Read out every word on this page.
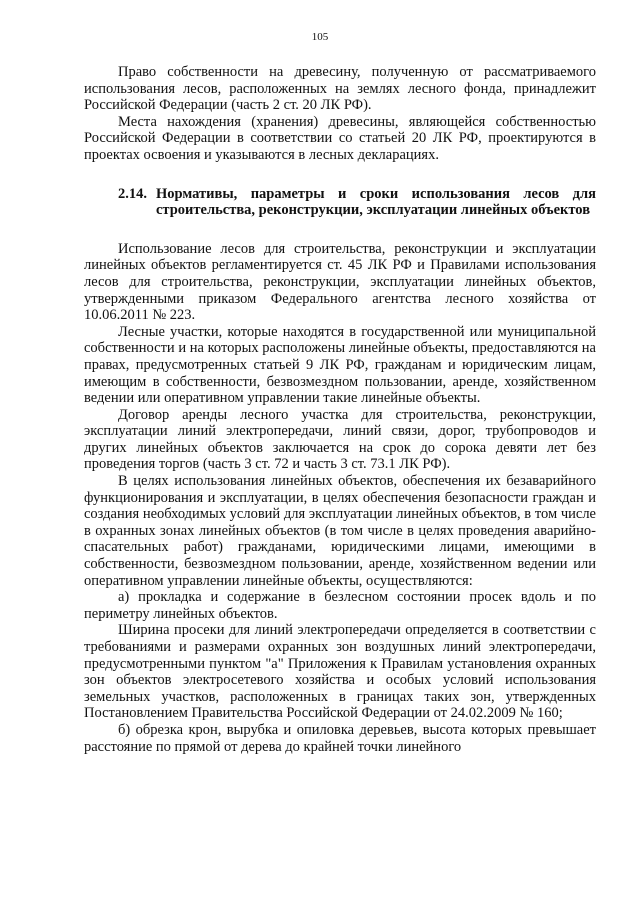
105

Право собственности на древесину, полученную от рассматриваемого использования лесов, расположенных на землях лесного фонда, принадлежит Российской Федерации (часть 2 ст. 20 ЛК РФ).

Места нахождения (хранения) древесины, являющейся собственностью Российской Федерации в соответствии со статьей 20 ЛК РФ, проектируются в проектах освоения и указываются в лесных декларациях.

2.14. Нормативы, параметры и сроки использования лесов для строительства, реконструкции, эксплуатации линейных объектов

Использование лесов для строительства, реконструкции и эксплуатации линейных объектов регламентируется ст. 45 ЛК РФ и Правилами использования лесов для строительства, реконструкции, эксплуатации линейных объектов, утвержденными приказом Федерального агентства лесного хозяйства от 10.06.2011 № 223.

Лесные участки, которые находятся в государственной или муниципальной собственности и на которых расположены линейные объекты, предоставляются на правах, предусмотренных статьей 9 ЛК РФ, гражданам и юридическим лицам, имеющим в собственности, безвозмездном пользовании, аренде, хозяйственном ведении или оперативном управлении такие линейные объекты.

Договор аренды лесного участка для строительства, реконструкции, эксплуатации линий электропередачи, линий связи, дорог, трубопроводов и других линейных объектов заключается на срок до сорока девяти лет без проведения торгов (часть 3 ст. 72 и часть 3 ст. 73.1 ЛК РФ).

В целях использования линейных объектов, обеспечения их безаварийного функционирования и эксплуатации, в целях обеспечения безопасности граждан и создания необходимых условий для эксплуатации линейных объектов, в том числе в охранных зонах линейных объектов (в том числе в целях проведения аварийно-спасательных работ) гражданами, юридическими лицами, имеющими в собственности, безвозмездном пользовании, аренде, хозяйственном ведении или оперативном управлении линейные объекты, осуществляются:

а) прокладка и содержание в безлесном состоянии просек вдоль и по периметру линейных объектов.

Ширина просеки для линий электропередачи определяется в соответствии с требованиями и размерами охранных зон воздушных линий электропередачи, предусмотренными пунктом "а" Приложения к Правилам установления охранных зон объектов электросетевого хозяйства и особых условий использования земельных участков, расположенных в границах таких зон, утвержденных Постановлением Правительства Российской Федерации от 24.02.2009 № 160;

б) обрезка крон, вырубка и опиловка деревьев, высота которых превышает расстояние по прямой от дерева до крайней точки линейного
